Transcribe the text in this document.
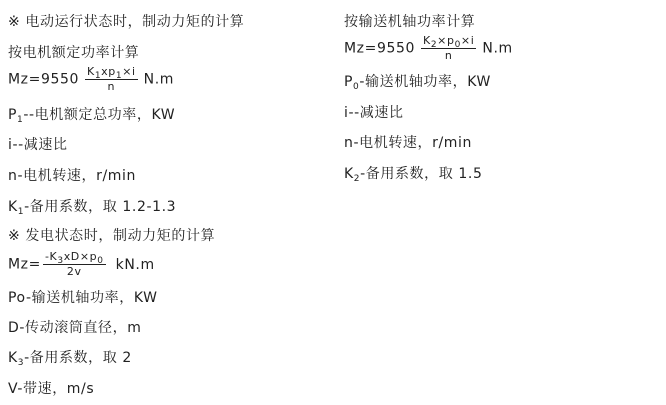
※ 电动运行状态时，制动力矩的计算
按电机额定功率计算
$Mz=9550 \frac{K_1xp_1\times i}{n} N.m$
$P_1--$电机额定总功率，KW
i--减速比
n-电机转速，r/min
$K_1-$备用系数，取 1.2-1.3
※ 发电状态时，制动力矩的计算
$Mz= \frac{-K_3xD\times p_0}{2v} kN.m$
Po-输送机轴功率，KW
D-传动滚筒直径，m
$K_3-$备用系数，取 2
V-带速，m/s
按输送机轴功率计算
$Mz=9550 \frac{K_2\times p_0\times i}{n} N.m$
$P_0-$输送机轴功率，KW
i--减速比
n-电机转速，r/min
$K_2-$备用系数，取 1.5
